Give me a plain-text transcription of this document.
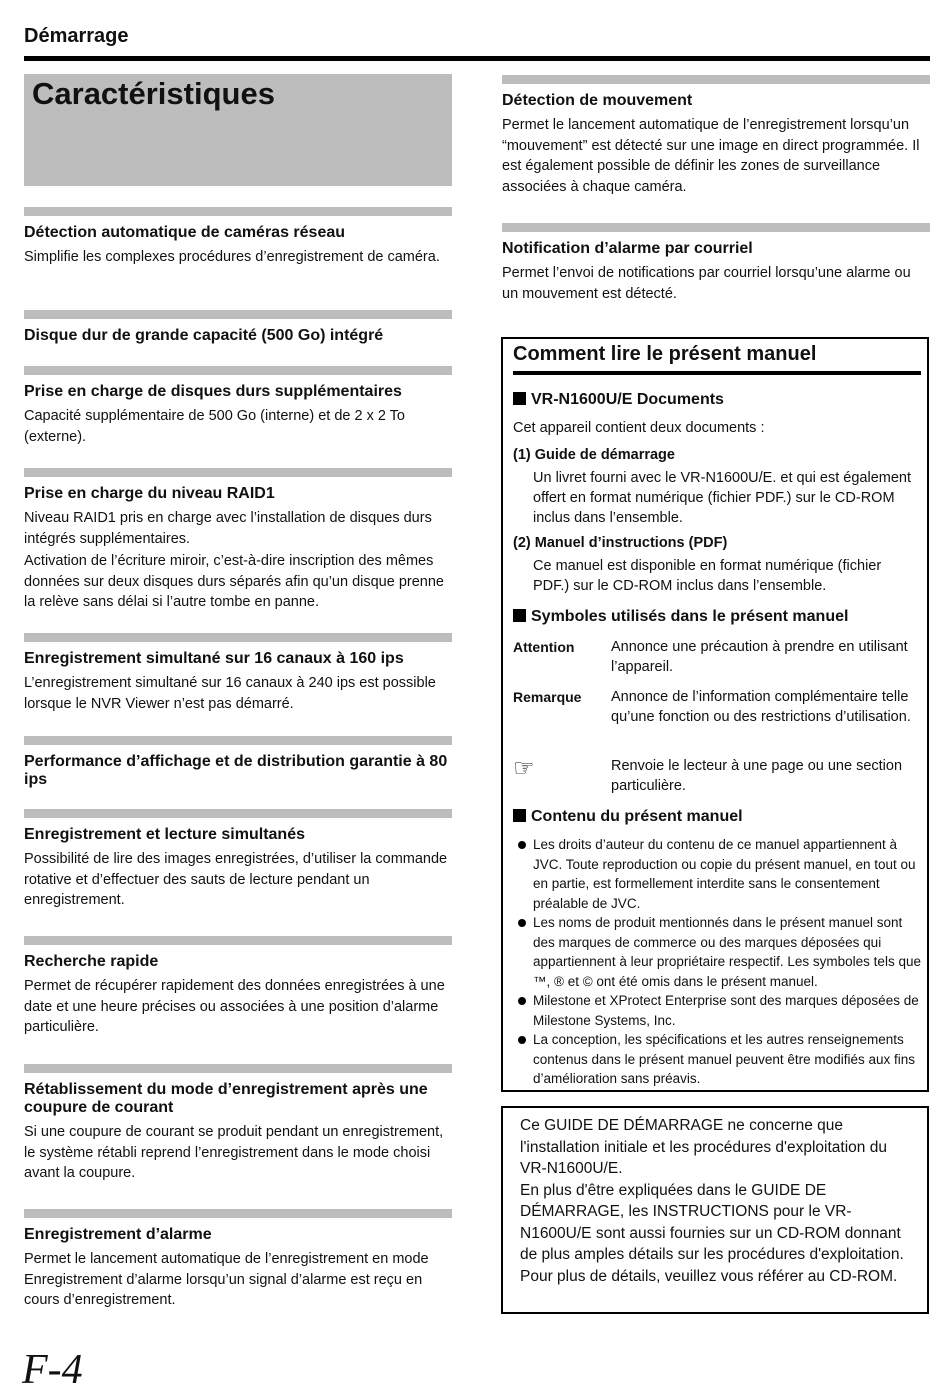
Démarrage
Caractéristiques
Détection automatique de caméras réseau

Simplifie les complexes procédures d’enregistrement de caméra.

Disque dur de grande capacité (500 Go) intégré
Prise en charge de disques durs supplémentaires

Capacité supplémentaire de 500 Go (interne) et de 2 x 2 To (externe).

Prise en charge du niveau RAID1

Niveau RAID1 pris en charge avec l’installation de disques durs intégrés supplémentaires.

Activation de l’écriture miroir, c’est-à-dire inscription des mêmes données sur deux disques durs séparés afin qu’un disque prenne la relève sans délai si l’autre tombe en panne.

Enregistrement simultané sur 16 canaux à 160 ips

L’enregistrement simultané sur 16 canaux à 240 ips est possible lorsque le NVR Viewer n’est pas démarré.

Performance d’affichage et de distribution garantie à 80 ips
Enregistrement et lecture simultanés

Possibilité de lire des images enregistrées, d’utiliser la commande rotative et d’effectuer des sauts de lecture pendant un enregistrement.

Recherche rapide

Permet de récupérer rapidement des données enregistrées à une date et une heure précises ou associées à une position d’alarme particulière.

Rétablissement du mode d’enregistrement après une coupure de courant

Si une coupure de courant se produit pendant un enregistrement, le système rétabli reprend l’enregistrement dans le mode choisi avant la coupure.

Enregistrement d’alarme

Permet le lancement automatique de l’enregistrement en mode Enregistrement d’alarme lorsqu’un signal d’alarme est reçu en cours d’enregistrement.

Détection de mouvement

Permet le lancement automatique de l’enregistrement lorsqu’un “mouvement” est détecté sur une image en direct programmée. Il est également possible de définir les zones de surveillance associées à chaque caméra.

Notification d’alarme par courriel

Permet l’envoi de notifications par courriel lorsqu’une alarme ou un mouvement est détecté.

Comment lire le présent manuel
VR-N1600U/E Documents
Cet appareil contient deux documents :
(1) Guide de démarrage
Un livret fourni avec le VR-N1600U/E. et qui est également offert en format numérique (fichier PDF.) sur le CD-ROM inclus dans l’ensemble.
(2) Manuel d’instructions (PDF)
Ce manuel est disponible en format numérique (fichier PDF.) sur le CD-ROM inclus dans l’ensemble.
Symboles utilisés dans le présent manuel
Attention	Annonce une précaution à prendre en utilisant l’appareil.
Remarque Annonce de l’information complémentaire telle qu’une fonction ou des restrictions d’utilisation.
☞	Renvoie le lecteur à une page ou une section particulière.
Contenu du présent manuel
Les droits d’auteur du contenu de ce manuel appartiennent à JVC. Toute reproduction ou copie du présent manuel, en tout ou en partie, est formellement interdite sans le consentement préalable de JVC.
Les noms de produit mentionnés dans le présent manuel sont des marques de commerce ou des marques déposées qui appartiennent à leur propriétaire respectif. Les symboles tels que ™, ® et © ont été omis dans le présent manuel.
Milestone et XProtect Enterprise sont des marques déposées de Milestone Systems, Inc.
La conception, les spécifications et les autres renseignements contenus dans le présent manuel peuvent être modifiés aux fins d’amélioration sans préavis.

Ce GUIDE DE DÉMARRAGE ne concerne que l'installation initiale et les procédures d'exploitation du VR-N1600U/E.

En plus d'être expliquées dans le GUIDE DE DÉMARRAGE, les INSTRUCTIONS pour le VR-N1600U/E sont aussi fournies sur un CD-ROM donnant de plus amples détails sur les procédures d'exploitation. Pour plus de détails, veuillez vous référer au CD-ROM.

F-4
